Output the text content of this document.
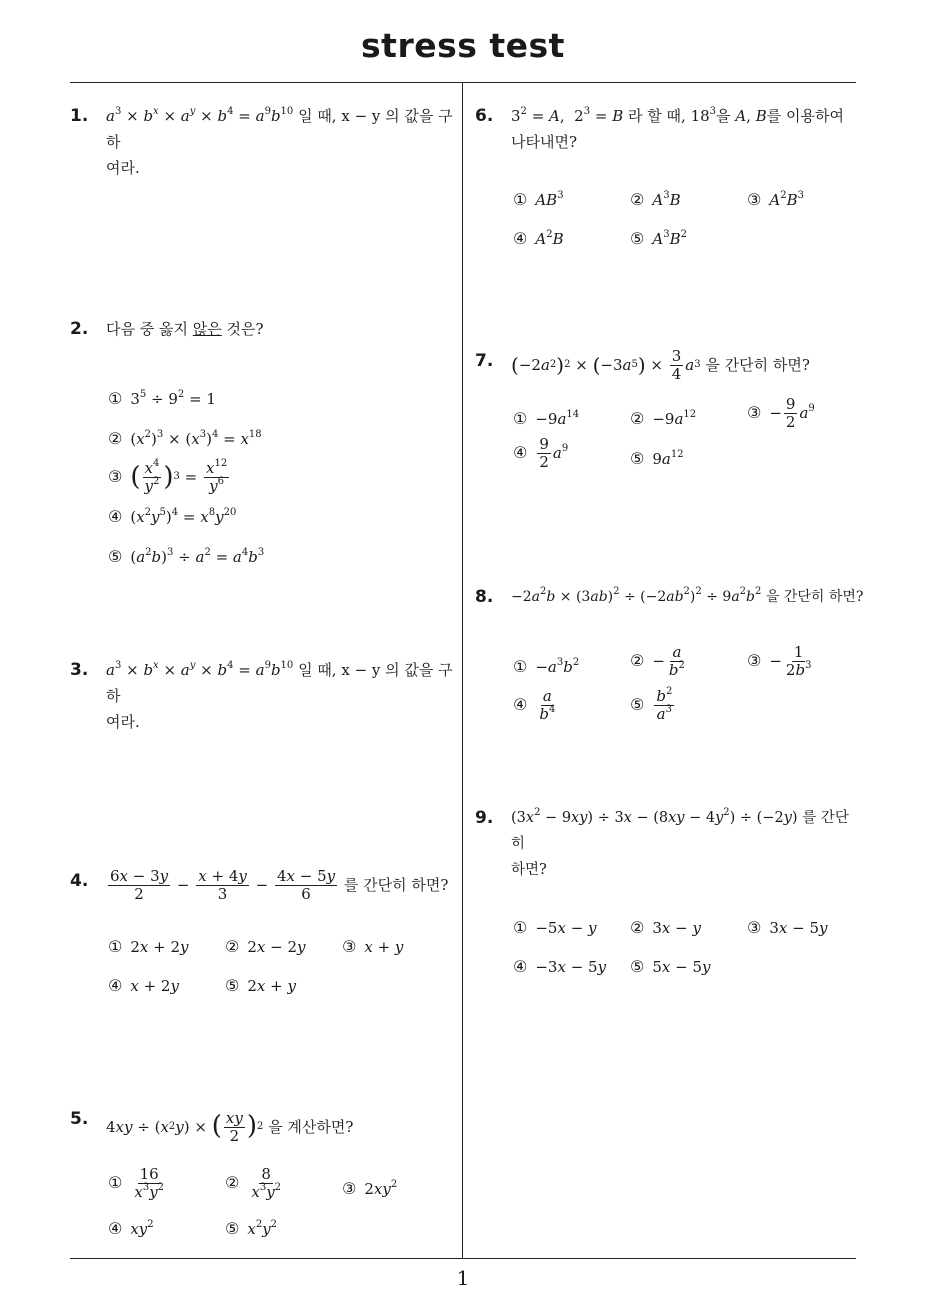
stress test
1
1. $a^3 \times b^x \times a^y \times b^4 = a^9b^{10}$ 일 때, x − y 의 값을 구하
여라.
2. 다음 중 옳지 않은 것은?
① $3^5 \div 9^2 = 1$
② $(x^2)^3 \times (x^3)^4 = x^{18}$
③ ( $\frac{x^4}{y^2}$ ) $3 = \frac{x^{12}}{y^6}$
④ $(x^2y^5)^4 = x^8y^{20}$
⑤ $(a^2b)^3 \div a^2 = a^4b^3$
3. $a^3 \times b^x \times a^y \times b^4 = a^9b^{10}$ 일 때, x − y 의 값을 구하
여라.
4. $\frac{6x - 3y}{2} - \frac{x + 4y}{3} - \frac{4x - 5y}{6}$
를 간단히 하면?
① 2x + 2y ② 2x − 2y ③ x + y
④ x + 2y	⑤ 2x + y
5. 4 xy ÷ ( x 2 y ) × ( $\frac{xy}{2}$ ) 2
을 계산하면?
① $\frac{16}{x^3y^2}$	② $\frac{8}{x^3y^2}$	③ $2xy^2$
④ $xy^2$	⑤ $x^2y^2$
6. $3^2 = A$,  $2^3 = B$ 라 할 때, $18^3$을 A, B를 이용하여
나타내면?
① $AB^3$	② $A^3B$	③ $A^2B^3$
④ $A^2B$	⑤ $A^3B^2$
7. ( −2 a 2 ) 2 × ( −3 a 5 ) × $\frac{3}{4}$ a 3
을 간단히 하면?
① $-9a^{14}$	② $-9a^{12}$	③ − $\frac{9}{2} a^9$
④ $\frac{9}{2} a^9$
⑤ $9a^{12}$
8. $-2a^2b \times (3ab)^2 \div (-2ab^2)^2 \div 9a^2b^2$ 을 간단히 하면?
① $-a^3b^2$	② − $\frac{a}{b^2}$	③ − $\frac{1}{2b^3}$
④ $\frac{a}{b^4}$	⑤ $\frac{b^2}{a^3}$
9. $(3x^2 - 9xy) \div 3x - (8xy - 4y^2) \div (-2y)$ 를 간단히
하면?
① −5x − y ② 3x − y	③ 3x − 5y
④ −3x − 5y ⑤ 5x − 5y
